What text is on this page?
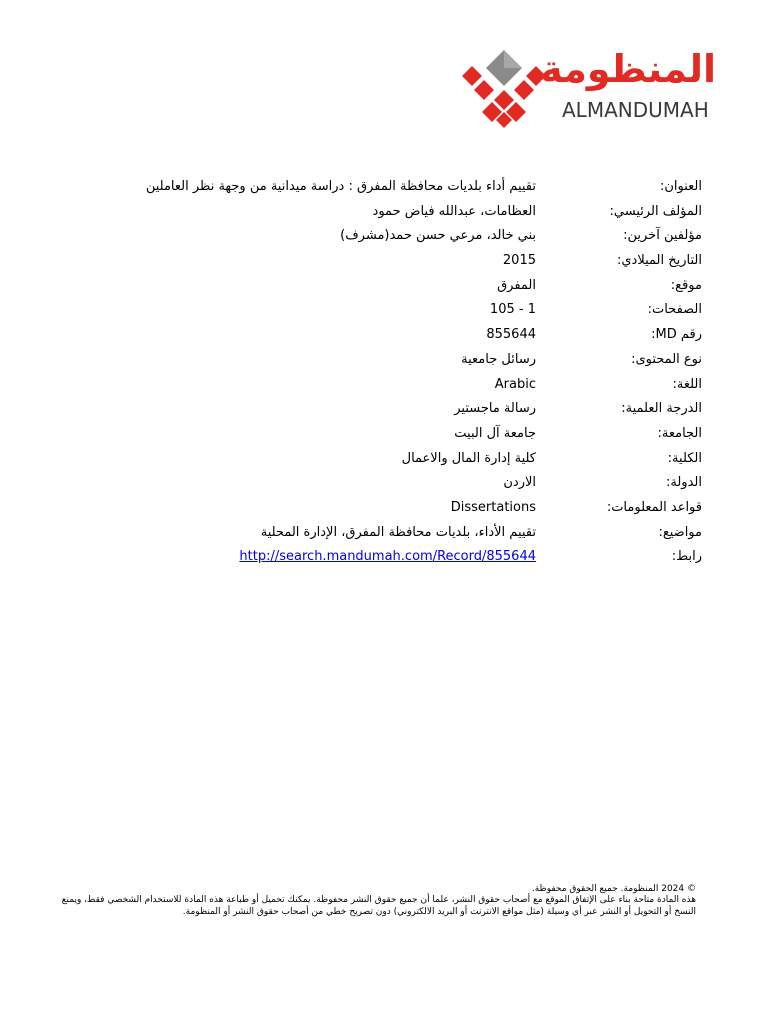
المنظومة
ALMANDUMAH
العنوان:
تقييم أداء بلديات محافظة المفرق : دراسة ميدانية من وجهة نظر العاملين
المؤلف الرئيسي:
العظامات، عبدالله فياض حمود
مؤلفين آخرين:
بني خالد، مرعي حسن حمد(مشرف)
التاريخ الميلادي:
2015
موقع:
المفرق
الصفحات:
1 - 105
رقم MD:
855644
نوع المحتوى:
رسائل جامعية
اللغة:
Arabic
الدرجة العلمية:
رسالة ماجستير
الجامعة:
جامعة آل البيت
الكلية:
كلية إدارة المال والاعمال
الدولة:
الاردن
قواعد المعلومات:
Dissertations
مواضيع:
تقييم الأداء، بلديات محافظة المفرق، الإدارة المحلية
رابط:
http://search.mandumah.com/Record/855644

© 2024 المنظومة. جميع الحقوق محفوظة.

هذه المادة متاحة بناء على الإتفاق الموقع مع أصحاب حقوق النشر، علما أن جميع حقوق النشر محفوظة. يمكنك تحميل أو طباعة هذه المادة للاستخدام الشخصي فقط، ويمنع النسخ أو التحويل أو النشر عبر أي وسيلة (مثل مواقع الانترنت أو البريد الالكتروني) دون تصريح خطي من أصحاب حقوق النشر أو المنظومة.
